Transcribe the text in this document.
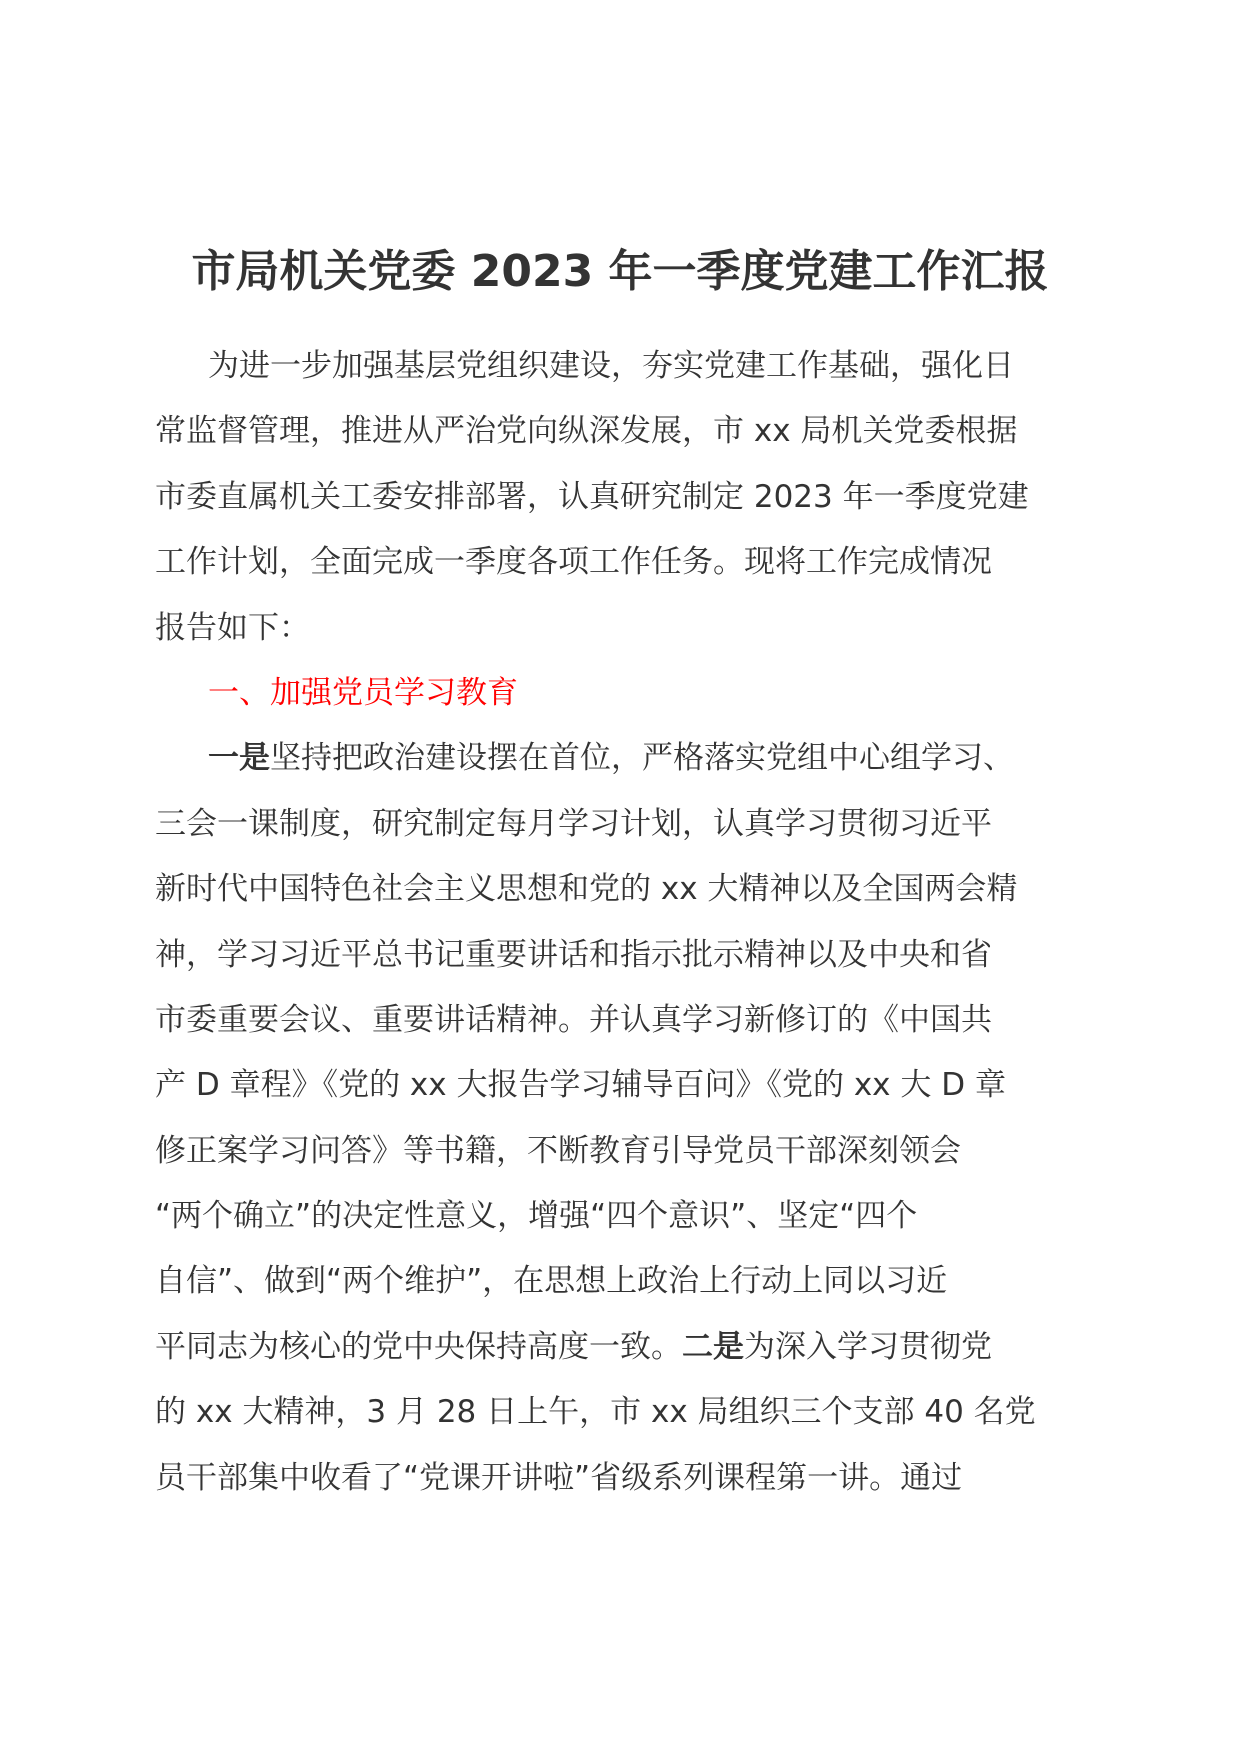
市局机关党委 2023 年一季度党建工作汇报
为进一步加强基层党组织建设，夯实党建工作基础，强化日
常监督管理，推进从严治党向纵深发展，市 xx 局机关党委根据
市委直属机关工委安排部署，认真研究制定 2023 年一季度党建
工作计划，全面完成一季度各项工作任务。现将工作完成情况
报告如下：
一、加强党员学习教育
一是坚持把政治建设摆在首位，严格落实党组中心组学习、
三会一课制度，研究制定每月学习计划，认真学习贯彻习近平
新时代中国特色社会主义思想和党的 xx 大精神以及全国两会精
神，学习习近平总书记重要讲话和指示批示精神以及中央和省
市委重要会议、重要讲话精神。并认真学习新修订的《中国共
产 D 章程》《党的 xx 大报告学习辅导百问》《党的 xx 大 D 章
修正案学习问答》等书籍，不断教育引导党员干部深刻领会
“两个确立”的决定性意义，增强“四个意识”、坚定“四个
自信”、做到“两个维护”，在思想上政治上行动上同以习近
平同志为核心的党中央保持高度一致。二是为深入学习贯彻党
的 xx 大精神，3 月 28 日上午，市 xx 局组织三个支部 40 名党
员干部集中收看了“党课开讲啦”省级系列课程第一讲。通过
